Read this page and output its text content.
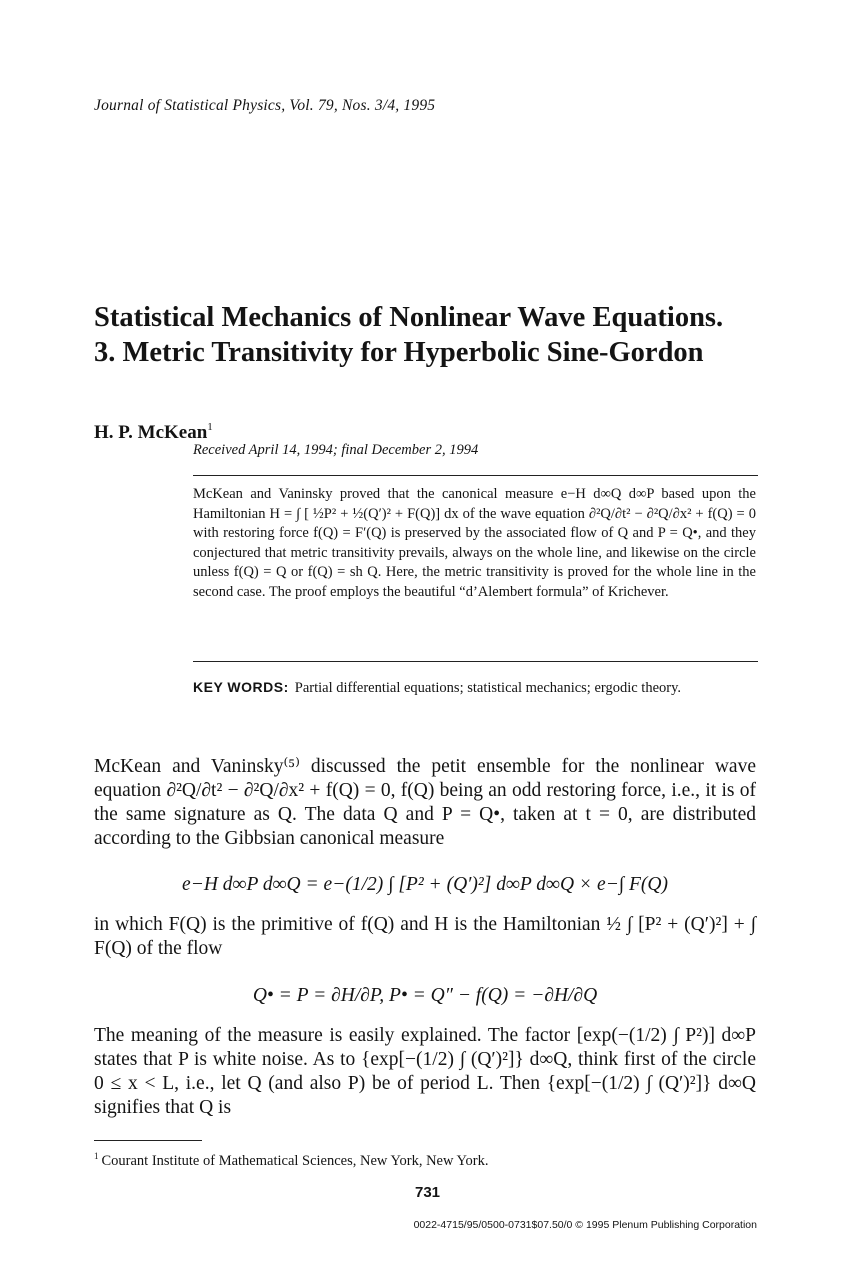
Journal of Statistical Physics, Vol. 79, Nos. 3/4, 1995
Statistical Mechanics of Nonlinear Wave Equations.
3. Metric Transitivity for Hyperbolic Sine-Gordon
H. P. McKean$^1$
Received April 14, 1994; final December 2, 1994
McKean and Vaninsky proved that the canonical measure e−H d∞Q d∞P based upon the Hamiltonian H = ∫ [ ½P² + ½(Q′)² + F(Q)] dx of the wave equation ∂²Q/∂t² − ∂²Q/∂x² + f(Q) = 0 with restoring force f(Q) = F′(Q) is preserved by the associated flow of Q and P = Q•, and they conjectured that metric transitivity prevails, always on the whole line, and likewise on the circle unless f(Q) = Q or f(Q) = sh Q. Here, the metric transitivity is proved for the whole line in the second case. The proof employs the beautiful “d’Alembert formula” of Krichever.
KEY WORDS: Partial differential equations; statistical mechanics; ergodic theory.
McKean and Vaninsky⁽⁵⁾ discussed the petit ensemble for the nonlinear wave equation ∂²Q/∂t² − ∂²Q/∂x² + f(Q) = 0, f(Q) being an odd restoring force, i.e., it is of the same signature as Q. The data Q and P = Q•, taken at t = 0, are distributed according to the Gibbsian canonical measure
e−H d∞P d∞Q = e−(1/2) ∫ [P² + (Q′)²] d∞P d∞Q × e−∫ F(Q)
in which F(Q) is the primitive of f(Q) and H is the Hamiltonian ½ ∫ [P² + (Q′)²] + ∫ F(Q) of the flow
Q• = P = ∂H/∂P, P• = Q″ − f(Q) = −∂H/∂Q
The meaning of the measure is easily explained. The factor [exp(−(1/2) ∫ P²)] d∞P states that P is white noise. As to {exp[−(1/2) ∫ (Q′)²]} d∞Q, think first of the circle 0 ≤ x < L, i.e., let Q (and also P) be of period L. Then {exp[−(1/2) ∫ (Q′)²]} d∞Q signifies that Q is
$^1$ Courant Institute of Mathematical Sciences, New York, New York.
731
0022-4715/95/0500-0731$07.50/0 © 1995 Plenum Publishing Corporation
